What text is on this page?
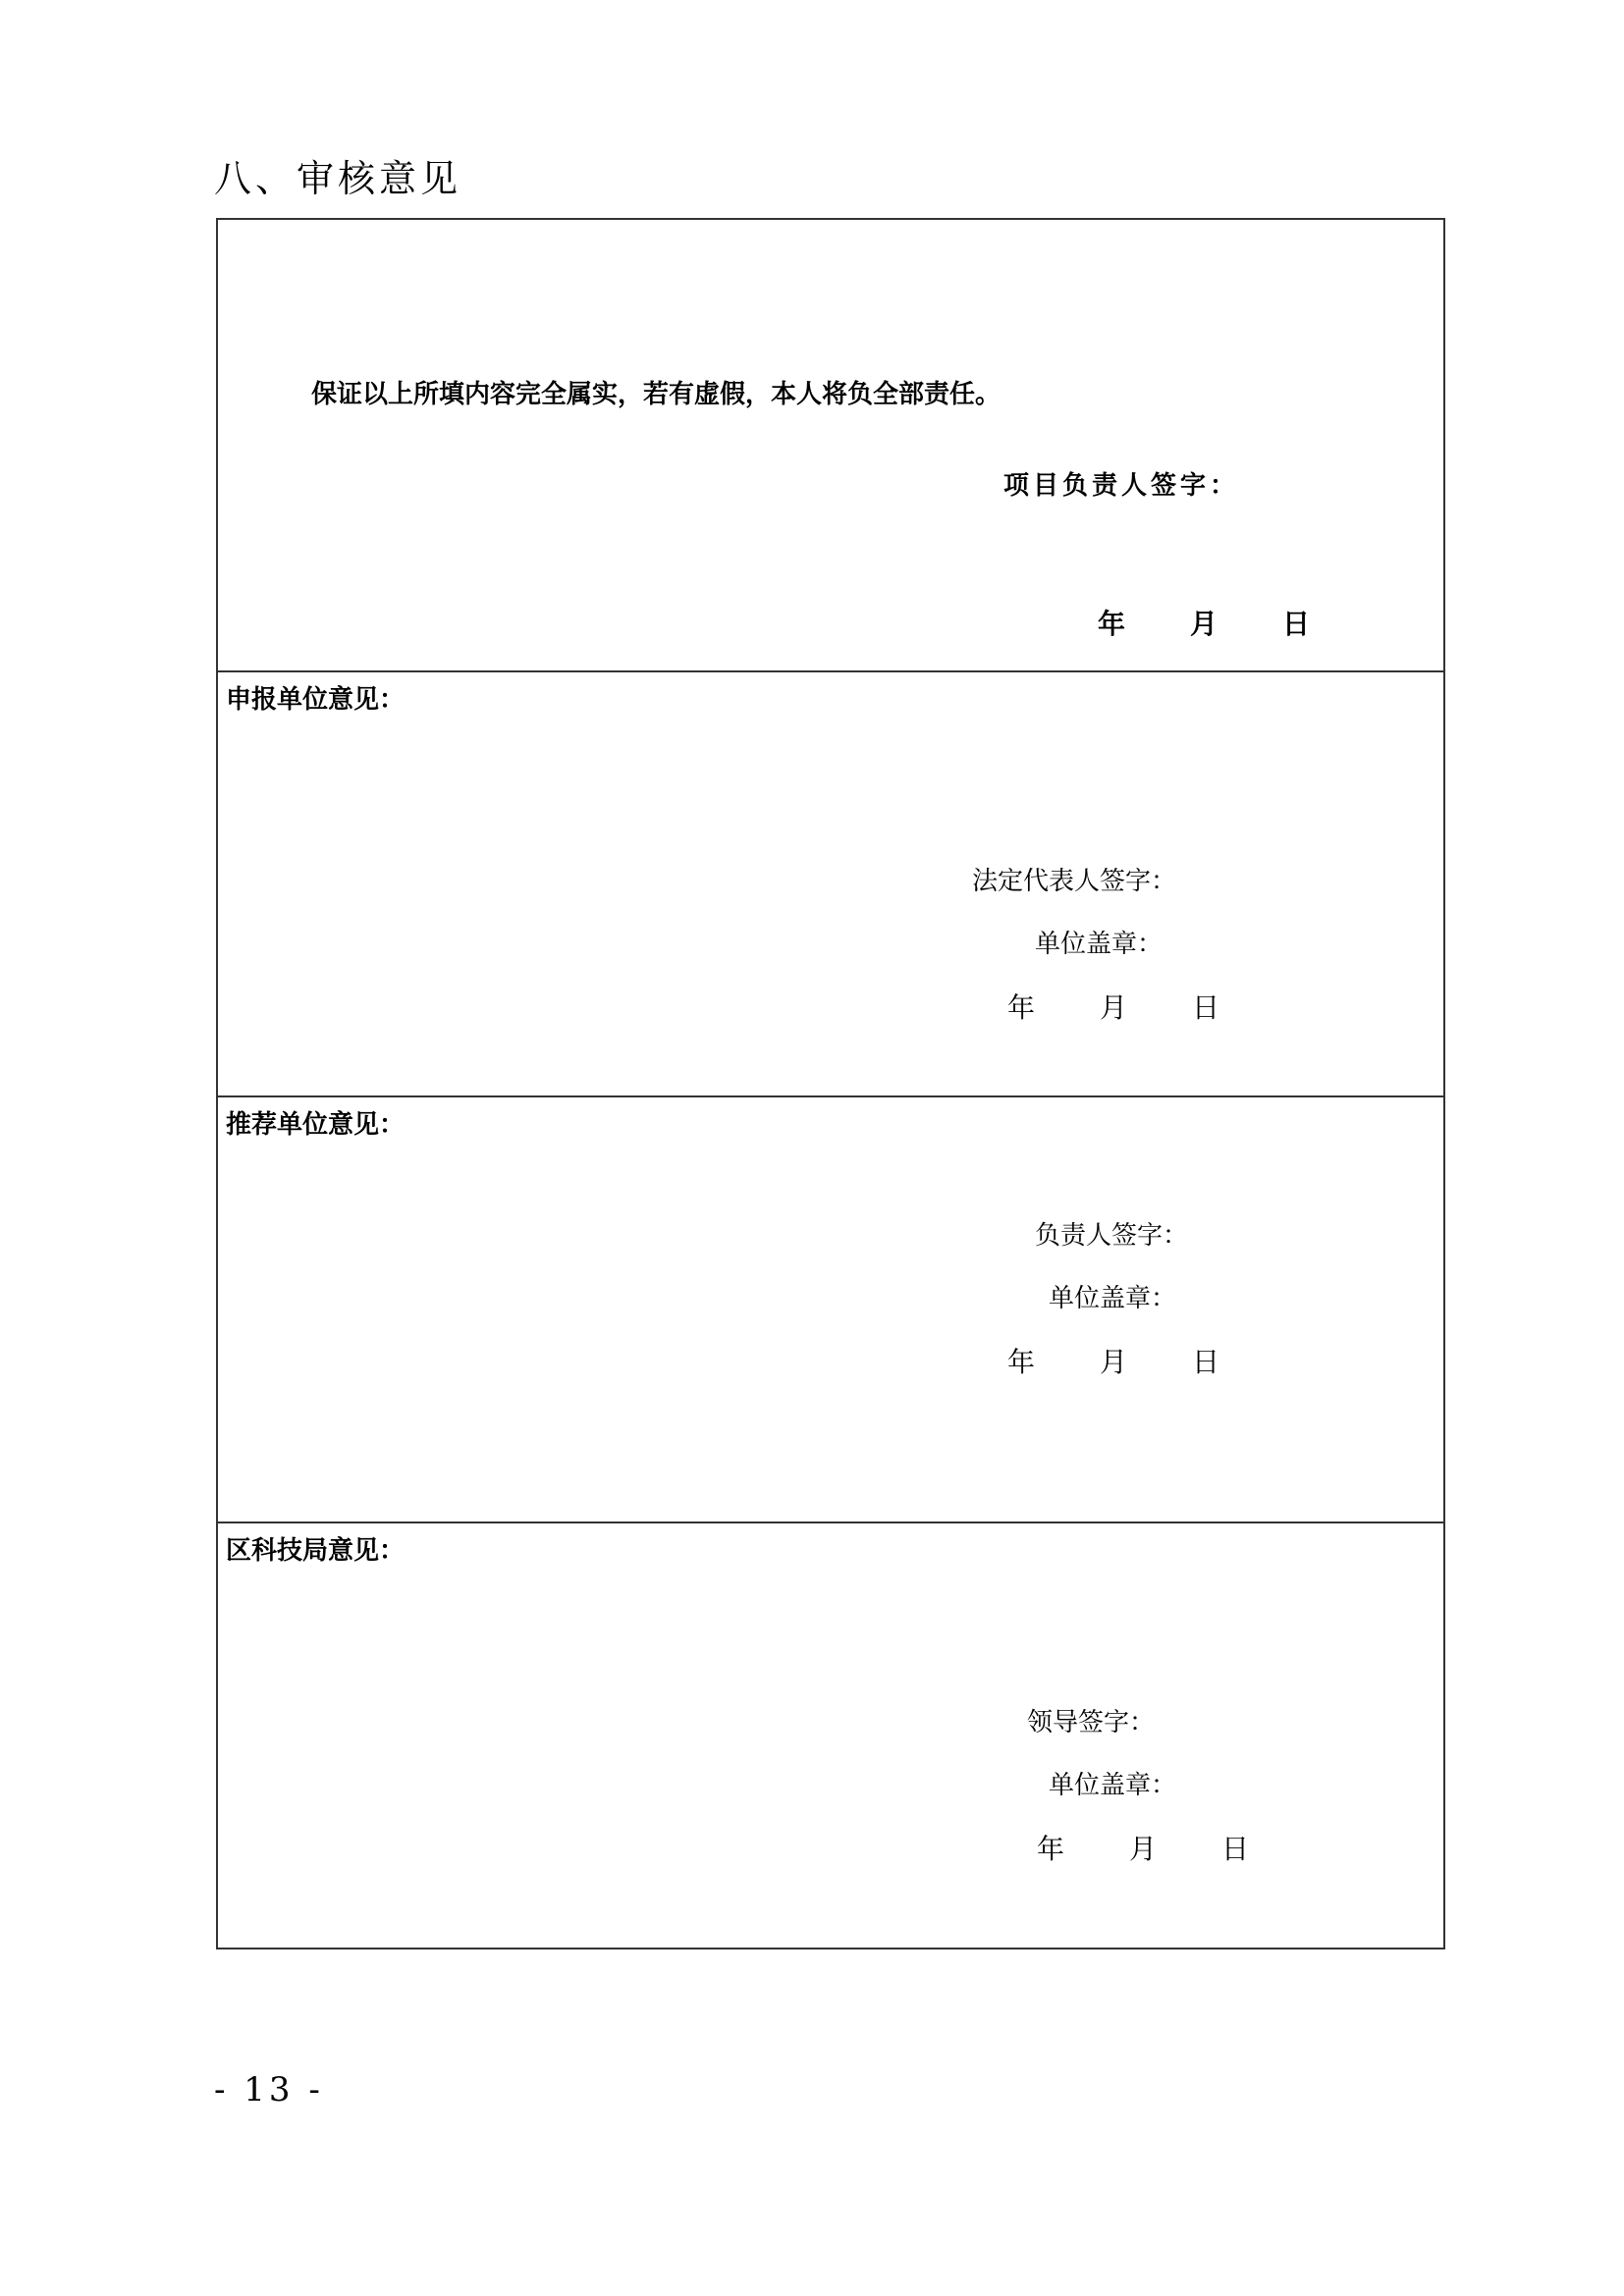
八、审核意见
保证以上所填内容完全属实，若有虚假，本人将负全部责任。
项目负责人签字：
年 月 日
申报单位意见：
法定代表人签字：
单位盖章：
年 月 日
推荐单位意见：
负责人签字：
单位盖章：
年 月 日
区科技局意见：
领导签字：
单位盖章：
年 月 日
- 13 -
